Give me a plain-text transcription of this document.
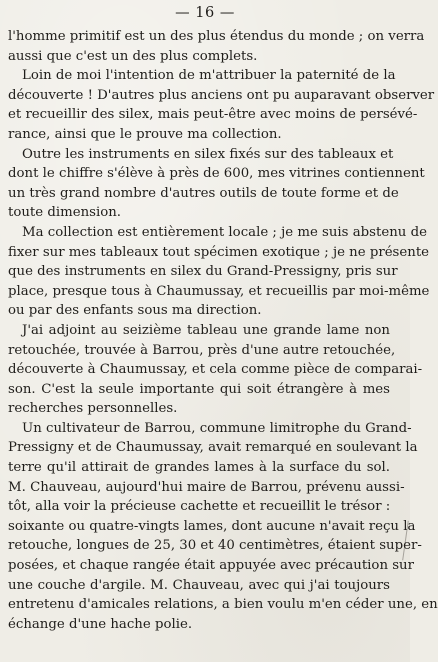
— 16 —
l'homme primitif est un des plus étendus du monde ; on verra
aussi que c'est un des plus complets.
Loin de moi l'intention de m'attribuer la paternité de la
découverte ! D'autres plus anciens ont pu auparavant observer
et recueillir des silex, mais peut-être avec moins de persévé-
rance, ainsi que le prouve ma collection.
Outre les instruments en silex fixés sur des tableaux et
dont le chiffre s'élève à près de 600, mes vitrines contiennent
un très grand nombre d'autres outils de toute forme et de
toute dimension.
Ma collection est entièrement locale ; je me suis abstenu de
fixer sur mes tableaux tout spécimen exotique ; je ne présente
que des instruments en silex du Grand-Pressigny, pris sur
place, presque tous à Chaumussay, et recueillis par moi-même
ou par des enfants sous ma direction.
J'ai adjoint au seizième tableau une grande lame non
retouchée, trouvée à Barrou, près d'une autre retouchée,
découverte à Chaumussay, et cela comme pièce de comparai-
son. C'est la seule importante qui soit étrangère à mes
recherches personnelles.
Un cultivateur de Barrou, commune limitrophe du Grand-
Pressigny et de Chaumussay, avait remarqué en soulevant la
terre qu'il attirait de grandes lames à la surface du sol.
M. Chauveau, aujourd'hui maire de Barrou, prévenu aussi-
tôt, alla voir la précieuse cachette et recueillit le trésor :
soixante ou quatre-vingts lames, dont aucune n'avait reçu la
retouche, longues de 25, 30 et 40 centimètres, étaient super-
posées, et chaque rangée était appuyée avec précaution sur
une couche d'argile. M. Chauveau, avec qui j'ai toujours
entretenu d'amicales relations, a bien voulu m'en céder une, en
échange d'une hache polie.
